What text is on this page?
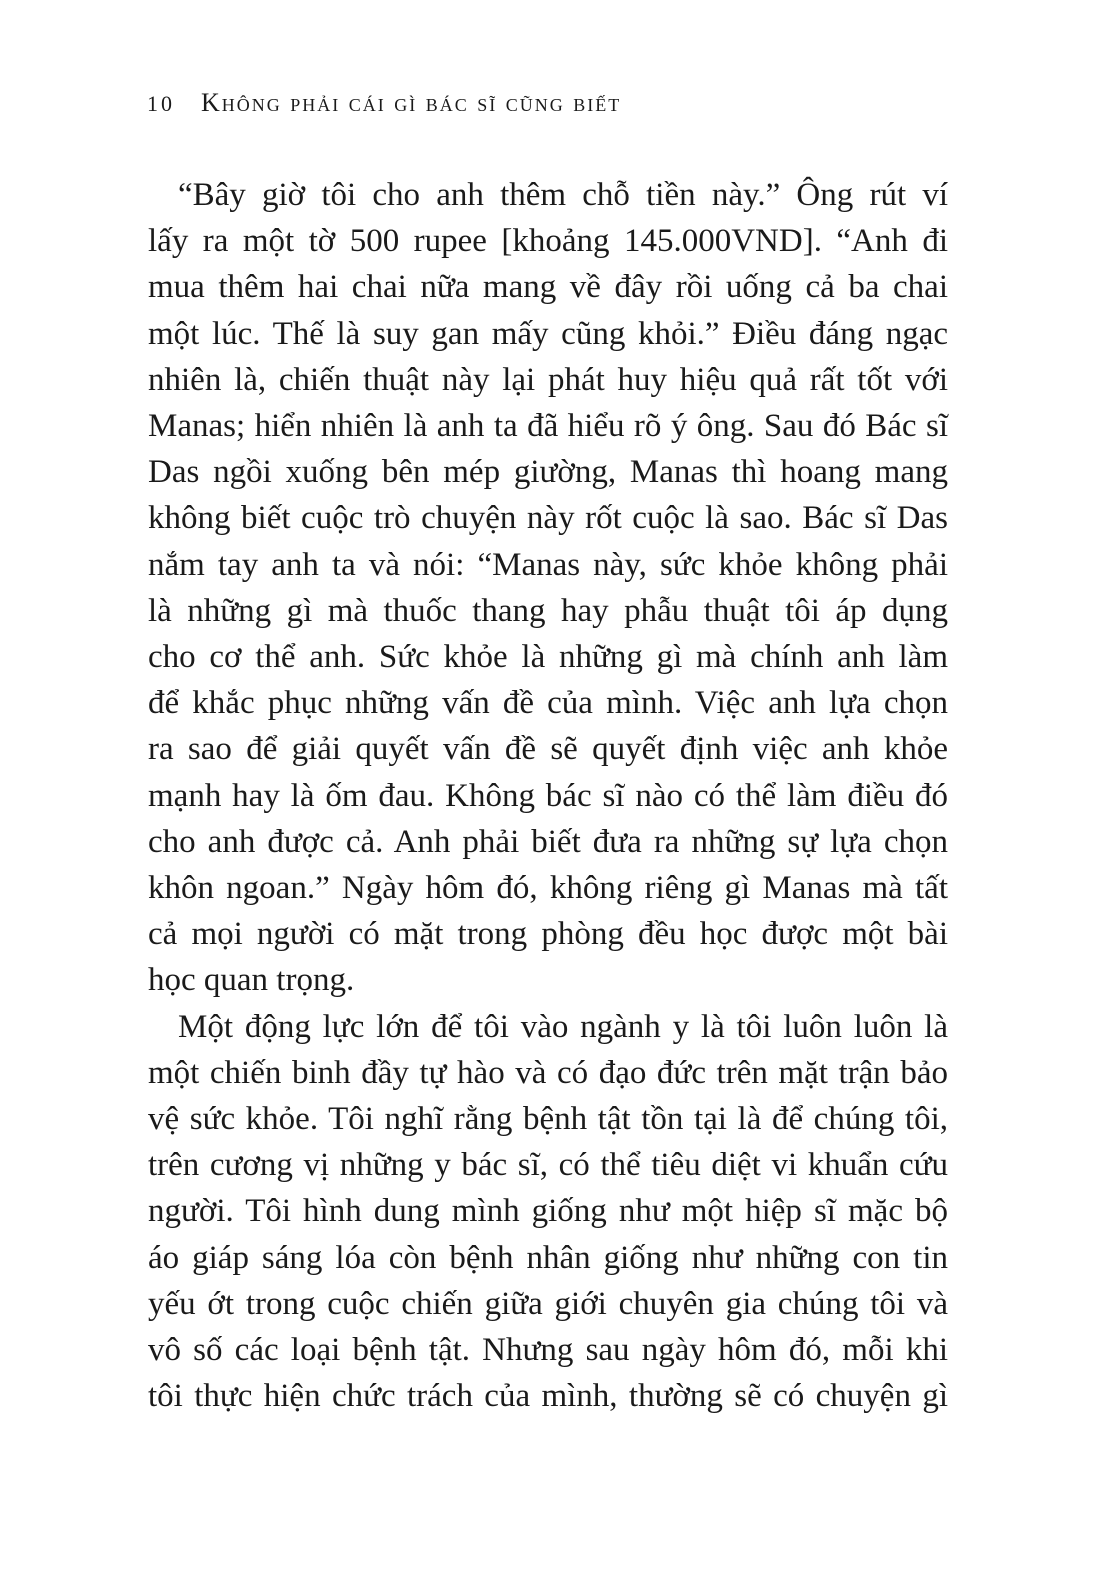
10 Không phải cái gì bác sĩ cũng biết
“Bây giờ tôi cho anh thêm chỗ tiền này.” Ông rút ví
lấy ra một tờ 500 rupee [khoảng 145.000VND]. “Anh đi
mua thêm hai chai nữa mang về đây rồi uống cả ba chai
một lúc. Thế là suy gan mấy cũng khỏi.” Điều đáng ngạc
nhiên là, chiến thuật này lại phát huy hiệu quả rất tốt với
Manas; hiển nhiên là anh ta đã hiểu rõ ý ông. Sau đó Bác sĩ
Das ngồi xuống bên mép giường, Manas thì hoang mang
không biết cuộc trò chuyện này rốt cuộc là sao. Bác sĩ Das
nắm tay anh ta và nói: “Manas này, sức khỏe không phải
là những gì mà thuốc thang hay phẫu thuật tôi áp dụng
cho cơ thể anh. Sức khỏe là những gì mà chính anh làm
để khắc phục những vấn đề của mình. Việc anh lựa chọn
ra sao để giải quyết vấn đề sẽ quyết định việc anh khỏe
mạnh hay là ốm đau. Không bác sĩ nào có thể làm điều đó
cho anh được cả. Anh phải biết đưa ra những sự lựa chọn
khôn ngoan.” Ngày hôm đó, không riêng gì Manas mà tất
cả mọi người có mặt trong phòng đều học được một bài
học quan trọng.
Một động lực lớn để tôi vào ngành y là tôi luôn luôn là
một chiến binh đầy tự hào và có đạo đức trên mặt trận bảo
vệ sức khỏe. Tôi nghĩ rằng bệnh tật tồn tại là để chúng tôi,
trên cương vị những y bác sĩ, có thể tiêu diệt vi khuẩn cứu
người. Tôi hình dung mình giống như một hiệp sĩ mặc bộ
áo giáp sáng lóa còn bệnh nhân giống như những con tin
yếu ớt trong cuộc chiến giữa giới chuyên gia chúng tôi và
vô số các loại bệnh tật. Nhưng sau ngày hôm đó, mỗi khi
tôi thực hiện chức trách của mình, thường sẽ có chuyện gì
